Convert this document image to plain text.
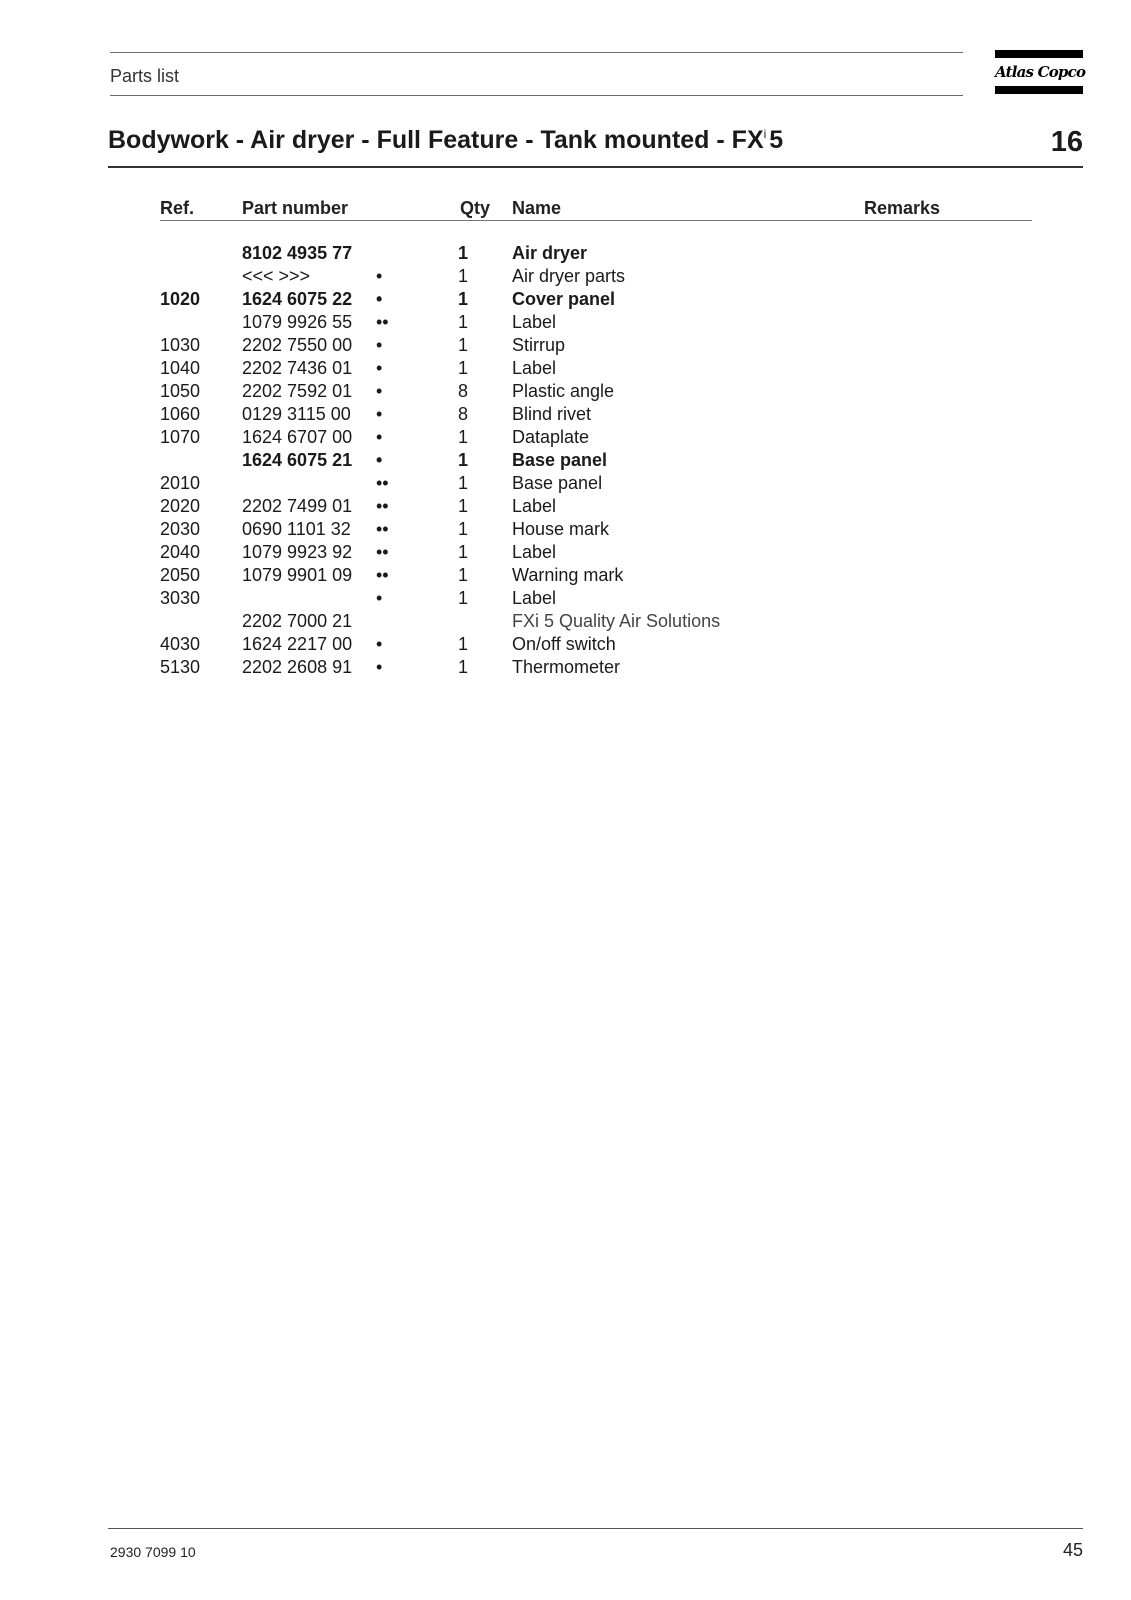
Parts list	Atlas Copco
Bodywork - Air dryer - Full Feature - Tank mounted - $FX^i$ 5	16
Ref.	Part number	Qty Name	Remarks
8102 4935 77	1 Air dryer
<<< >>>	•	1 Air dryer parts
1020 1624 6075 22 •	1 Cover panel
1079 9926 55 ••	1 Label
1030 2202 7550 00 •	1 Stirrup
1040 2202 7436 01 •	1 Label
1050 2202 7592 01 •	8 Plastic angle
1060 0129 3115 00 •	8 Blind rivet
1070 1624 6707 00 •	1 Dataplate
1624 6075 21 •	1 Base panel
2010	••	1 Base panel
2020 2202 7499 01 ••	1 Label
2030 0690 1101 32 ••	1 House mark
2040 1079 9923 92 ••	1 Label
2050 1079 9901 09 ••	1 Warning mark
3030	•	1 Label
2202 7000 21	FXi 5 Quality Air Solutions
4030 1624 2217 00 •	1 On/off switch
5130 2202 2608 91 •	1 Thermometer
2930 7099 10	45
